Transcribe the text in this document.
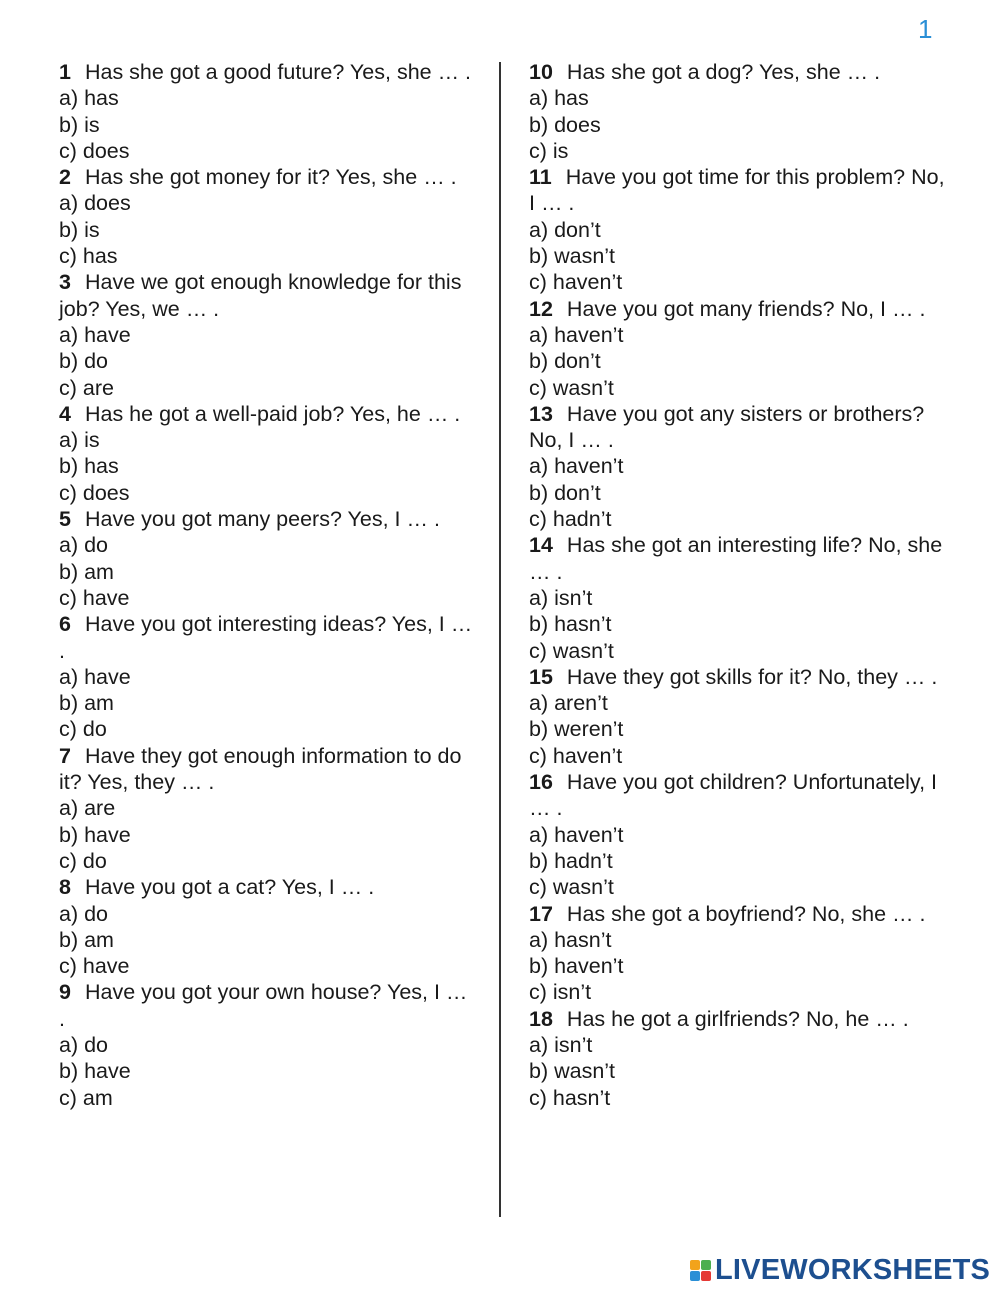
1

1 Has she got a good future? Yes, she … .

a) has
b) is
c) does

2 Has she got money for it? Yes, she … .

a) does
b) is
c) has

3 Have we got enough knowledge for this job? Yes, we … .

a) have
b) do
c) are

4 Has he got a well-paid job? Yes, he … .

a) is
b) has
c) does

5 Have you got many peers? Yes, I … .

a) do
b) am
c) have

6 Have you got interesting ideas? Yes, I … .

a) have
b) am
c) do

7 Have they got enough information to do it? Yes, they … .

a) are
b) have
c) do

8 Have you got a cat? Yes, I … .

a) do
b) am
c) have

9 Have you got your own house? Yes, I … .

a) do
b) have
c) am

10 Has she got a dog? Yes, she … .

a) has
b) does
c) is

11 Have you got time for this problem? No, I … .

a) don’t
b) wasn’t
c) haven’t

12 Have you got many friends? No, I … .

a) haven’t
b) don’t
c) wasn’t

13 Have you got any sisters or brothers? No, I … .

a) haven’t
b) don’t
c) hadn’t

14 Has she got an interesting life? No, she … .

a) isn’t
b) hasn’t
c) wasn’t

15 Have they got skills for it? No, they … .

a) aren’t
b) weren’t
c) haven’t

16 Have you got children? Unfortunately, I … .

a) haven’t
b) hadn’t
c) wasn’t

17 Has she got a boyfriend? No, she … .

a) hasn’t
b) haven’t
c) isn’t

18 Has he got a girlfriends? No, he … .

a) isn’t
b) wasn’t
c) hasn’t
LIVEWORKSHEETS
